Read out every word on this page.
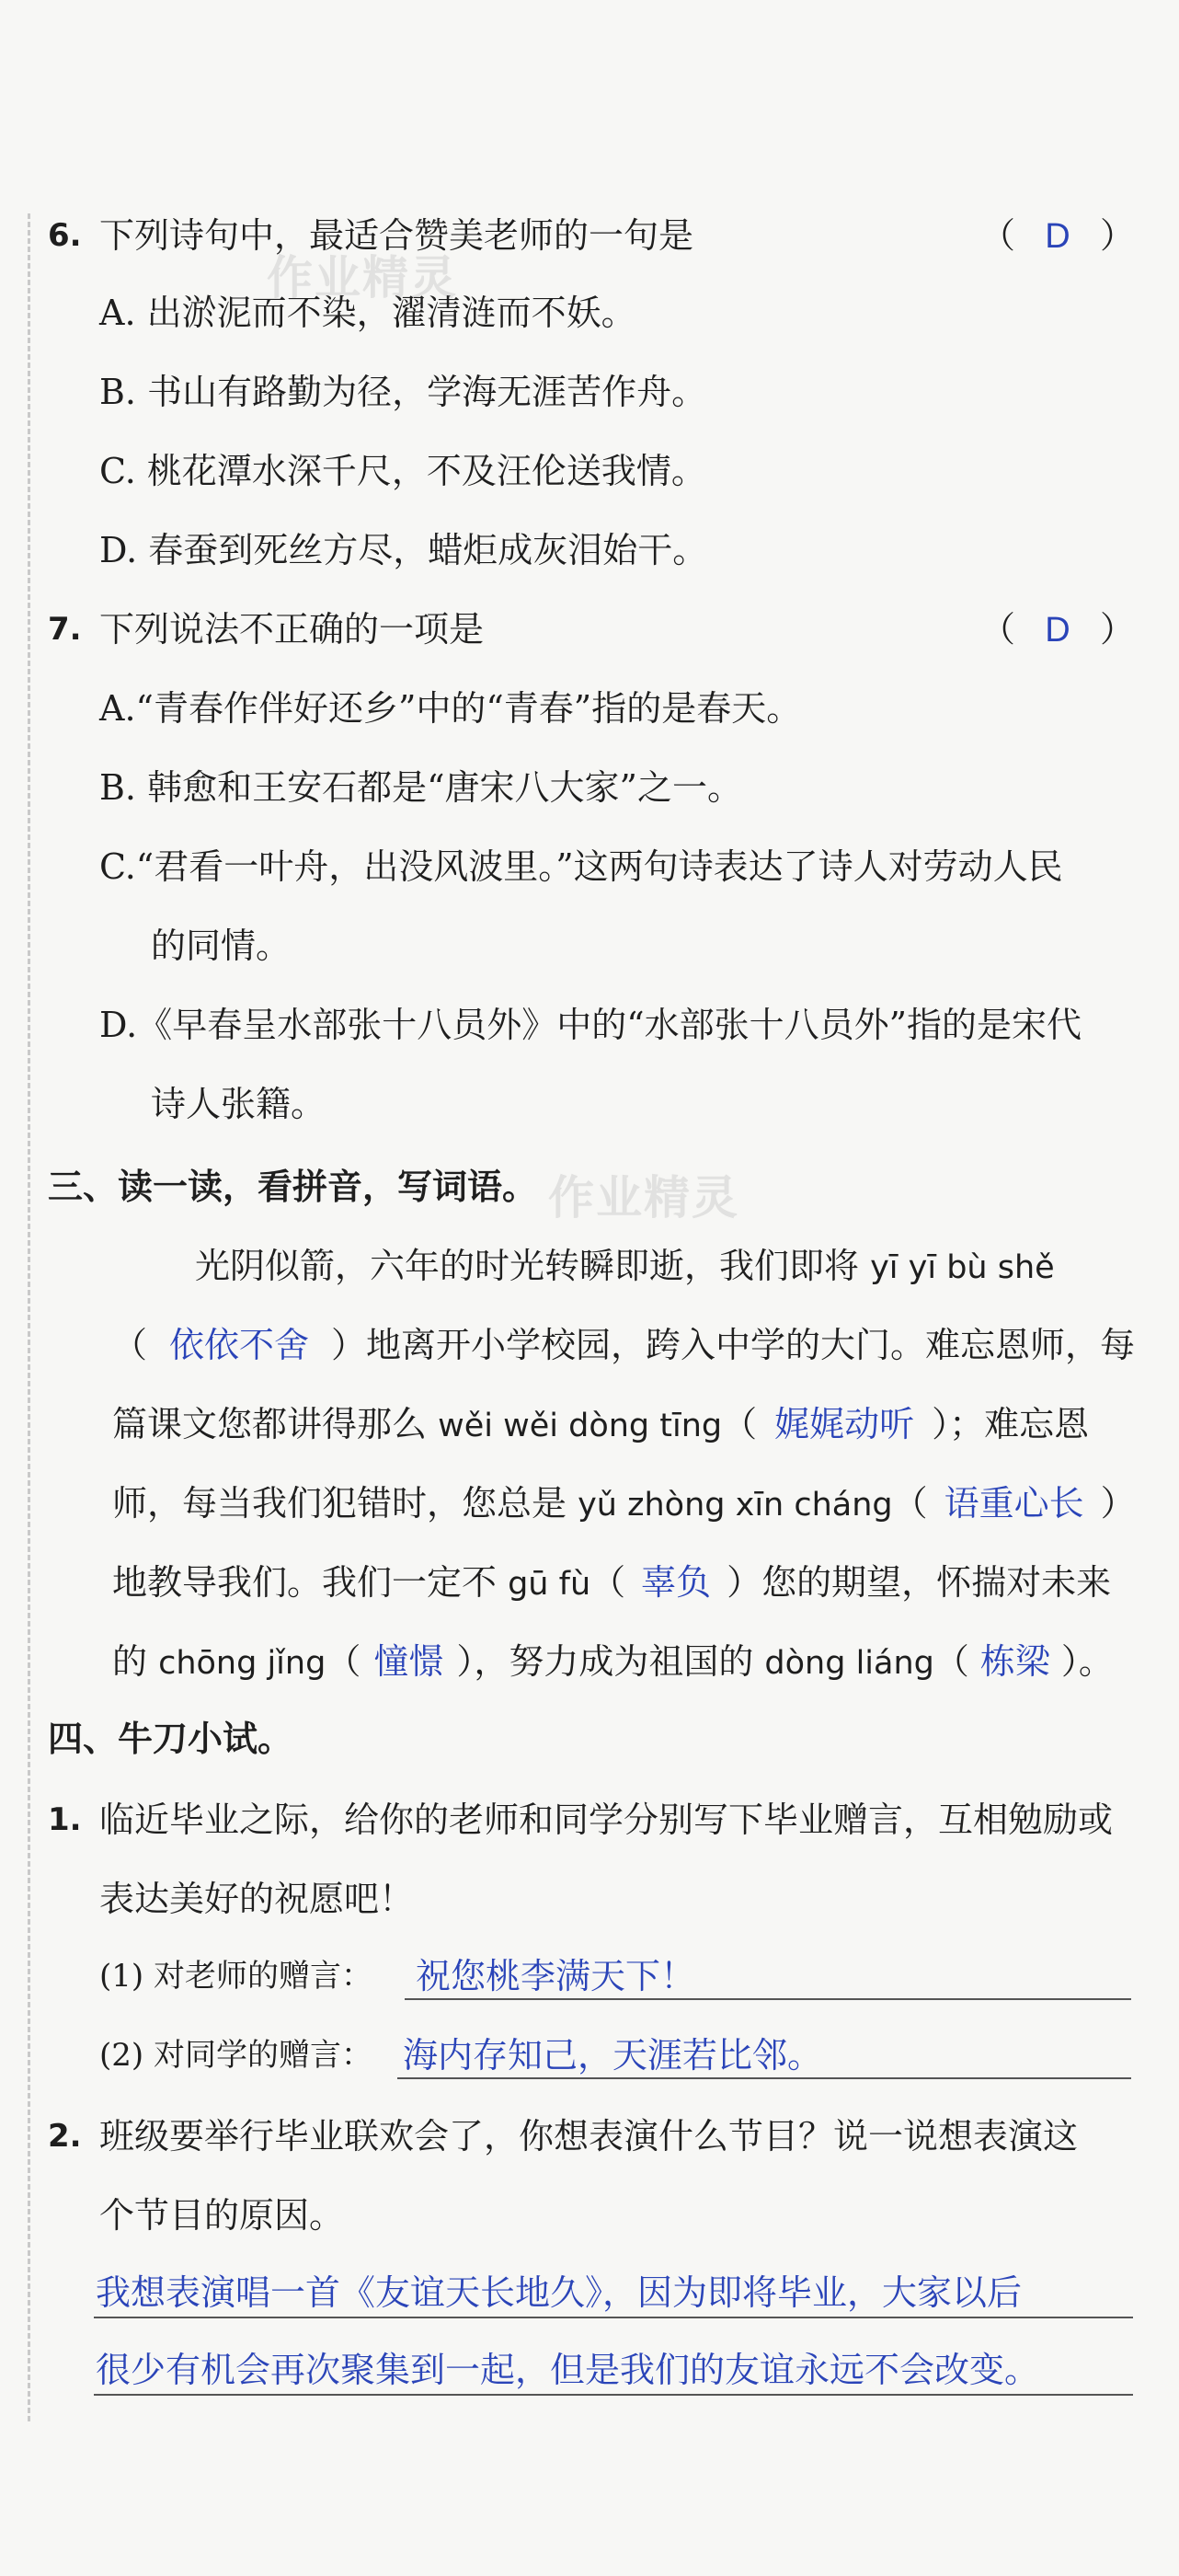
作业精灵
作业精灵
6. 下列诗句中，最适合赞美老师的一句是	（ D ）
A. 出淤泥而不染，濯清涟而不妖。
B. 书山有路勤为径，学海无涯苦作舟。
C. 桃花潭水深千尺，不及汪伦送我情。
D. 春蚕到死丝方尽，蜡炬成灰泪始干。
7. 下列说法不正确的一项是	（ D ）
A.“青春作伴好还乡”中的“青春”指的是春天。
B. 韩愈和王安石都是“唐宋八大家”之一。
C.“君看一叶舟，出没风波里。”这两句诗表达了诗人对劳动人民
的同情。
D.《早春呈水部张十八员外》中的“水部张十八员外”指的是宋代
诗人张籍。
三、读一读，看拼音，写词语。
光阴似箭，六年的时光转瞬即逝，我们即将 yī yī bù shě
（ 依依不舍 ）地离开小学校园，跨入中学的大门。难忘恩师，每
篇课文您都讲得那么 wěi wěi dòng tīng（ 娓娓动听 ）；难忘恩
师，每当我们犯错时，您总是 yǔ zhòng xīn cháng（ 语重心长 ）
地教导我们。我们一定不 gū fù（ 辜负 ）您的期望，怀揣对未来
的 chōng jǐng（ 憧憬 ），努力成为祖国的 dòng liáng（ 栋梁 ）。
四、牛刀小试。
1. 临近毕业之际，给你的老师和同学分别写下毕业赠言，互相勉励或
表达美好的祝愿吧！
(1) 对老师的赠言： 祝您桃李满天下！
(2) 对同学的赠言： 海内存知己，天涯若比邻。
2. 班级要举行毕业联欢会了，你想表演什么节目？说一说想表演这
个节目的原因。
我想表演唱一首《友谊天长地久》，因为即将毕业，大家以后
很少有机会再次聚集到一起，但是我们的友谊永远不会改变。
